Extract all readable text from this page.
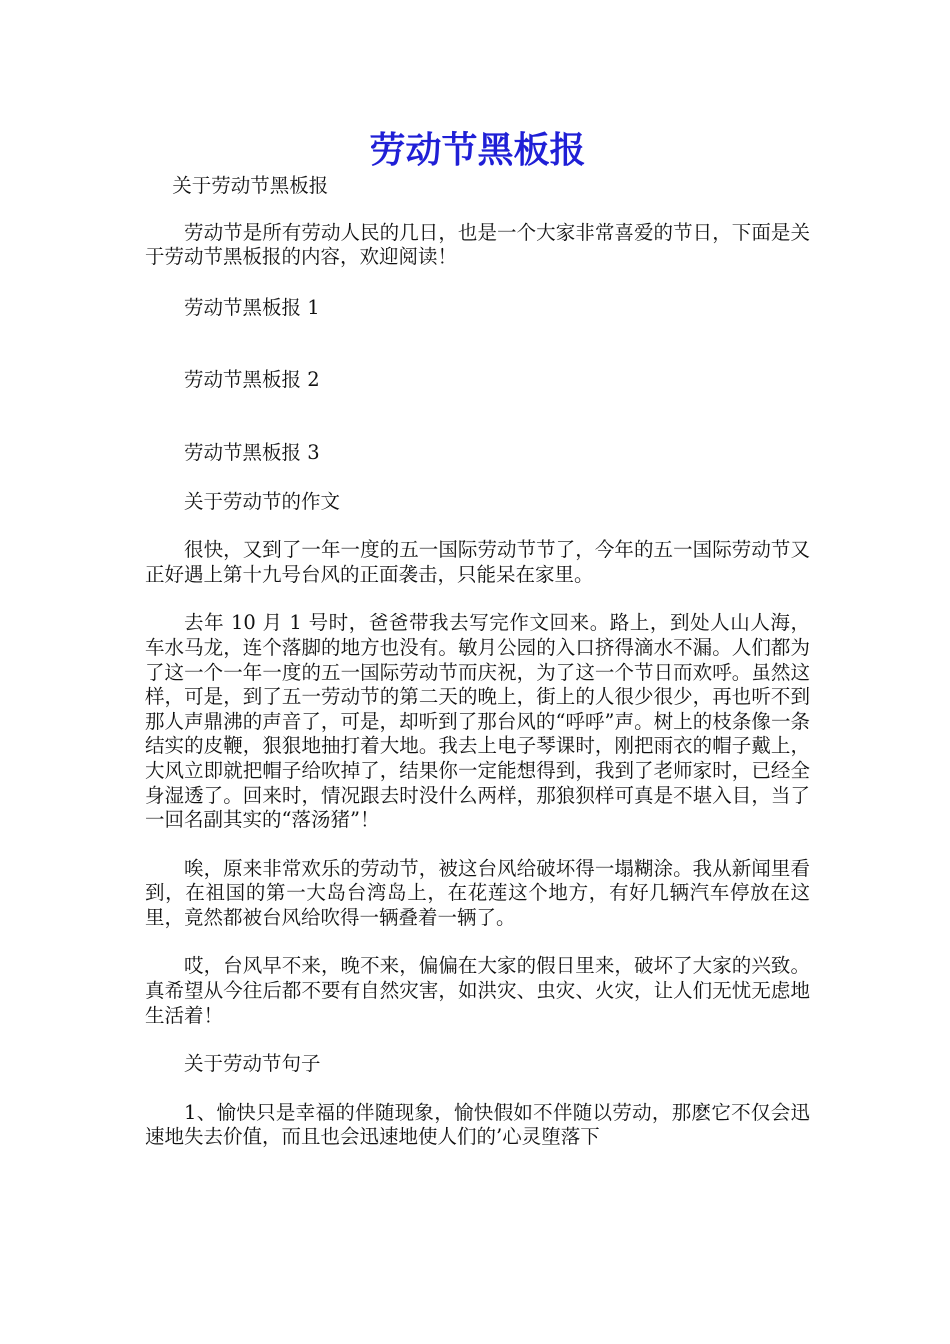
劳动节黑板报

关于劳动节黑板报

劳动节是所有劳动人民的几日，也是一个大家非常喜爱的节日，下面是关于劳动节黑板报的内容，欢迎阅读！

劳动节黑板报 1

劳动节黑板报 2

劳动节黑板报 3

关于劳动节的作文

很快，又到了一年一度的五一国际劳动节节了，今年的五一国际劳动节又正好遇上第十九号台风的正面袭击，只能呆在家里。

去年 10 月 1 号时，爸爸带我去写完作文回来。路上，到处人山人海，车水马龙，连个落脚的地方也没有。敏月公园的入口挤得滴水不漏。人们都为了这一个一年一度的五一国际劳动节而庆祝，为了这一个节日而欢呼。虽然这样，可是，到了五一劳动节的第二天的晚上，街上的人很少很少，再也听不到那人声鼎沸的声音了，可是，却听到了那台风的“呼呼”声。树上的枝条像一条结实的皮鞭，狠狠地抽打着大地。我去上电子琴课时，刚把雨衣的帽子戴上，大风立即就把帽子给吹掉了，结果你一定能想得到，我到了老师家时，已经全身湿透了。回来时，情况跟去时没什么两样，那狼狈样可真是不堪入目，当了一回名副其实的“落汤猪”！

唉，原来非常欢乐的劳动节，被这台风给破坏得一塌糊涂。我从新闻里看到，在祖国的第一大岛台湾岛上，在花莲这个地方，有好几辆汽车停放在这里，竟然都被台风给吹得一辆叠着一辆了。

哎，台风早不来，晚不来，偏偏在大家的假日里来，破坏了大家的兴致。真希望从今往后都不要有自然灾害，如洪灾、虫灾、火灾，让人们无忧无虑地生活着！

关于劳动节句子

1、愉快只是幸福的伴随现象，愉快假如不伴随以劳动，那麽它不仅会迅速地失去价值，而且也会迅速地使人们的’心灵堕落下
